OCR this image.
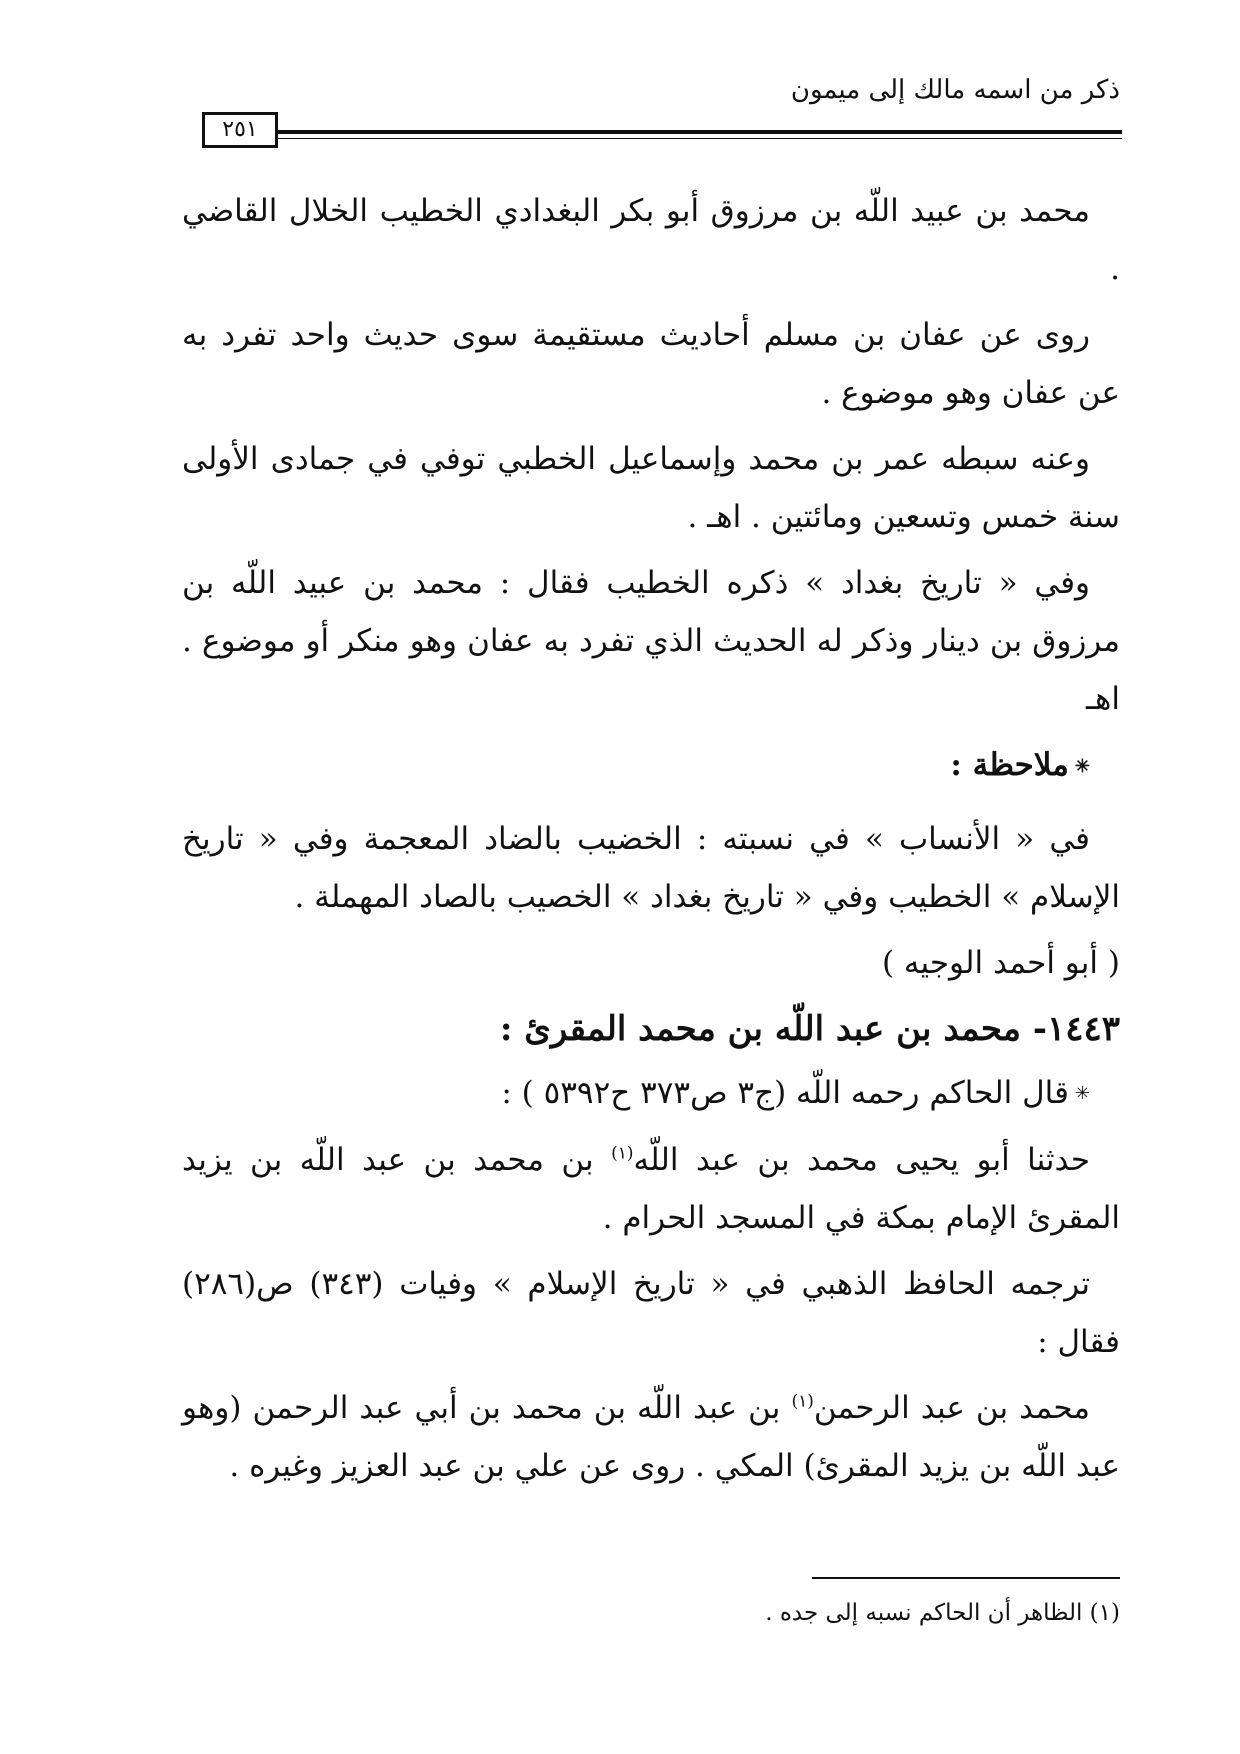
ذكر من اسمه مالك إلى ميمون
٢٥١

محمد بن عبيد اللّه بن مرزوق أبو بكر البغدادي الخطيب الخلال القاضي .

روى عن عفان بن مسلم أحاديث مستقيمة سوى حديث واحد تفرد به عن عفان وهو موضوع .

وعنه سبطه عمر بن محمد وإسماعيل الخطبي توفي في جمادى الأولى سنة خمس وتسعين ومائتين . اهـ .

وفي « تاريخ بغداد » ذكره الخطيب فقال : محمد بن عبيد اللّه بن مرزوق بن دينار وذكر له الحديث الذي تفرد به عفان وهو منكر أو موضوع . اهـ

✳ملاحظة :

في « الأنساب » في نسبته : الخضيب بالضاد المعجمة وفي « تاريخ الإسلام » الخطيب وفي « تاريخ بغداد » الخصيب بالصاد المهملة .

( أبو أحمد الوجيه )

١٤٤٣- محمد بن عبد اللّه بن محمد المقرئ :

✳قال الحاكم رحمه اللّه (ج٣ ص٣٧٣ ح٥٣٩٢ ) :

حدثنا أبو يحيى محمد بن عبد اللّه$^{(١)}$ بن محمد بن عبد اللّه بن يزيد المقرئ الإمام بمكة في المسجد الحرام .

ترجمه الحافظ الذهبي في « تاريخ الإسلام » وفيات (٣٤٣) ص(٢٨٦) فقال :

محمد بن عبد الرحمن$^{(١)}$ بن عبد اللّه بن محمد بن أبي عبد الرحمن (وهو عبد اللّه بن يزيد المقرئ) المكي . روى عن علي بن عبد العزيز وغيره .

(١) الظاهر أن الحاكم نسبه إلى جده .
